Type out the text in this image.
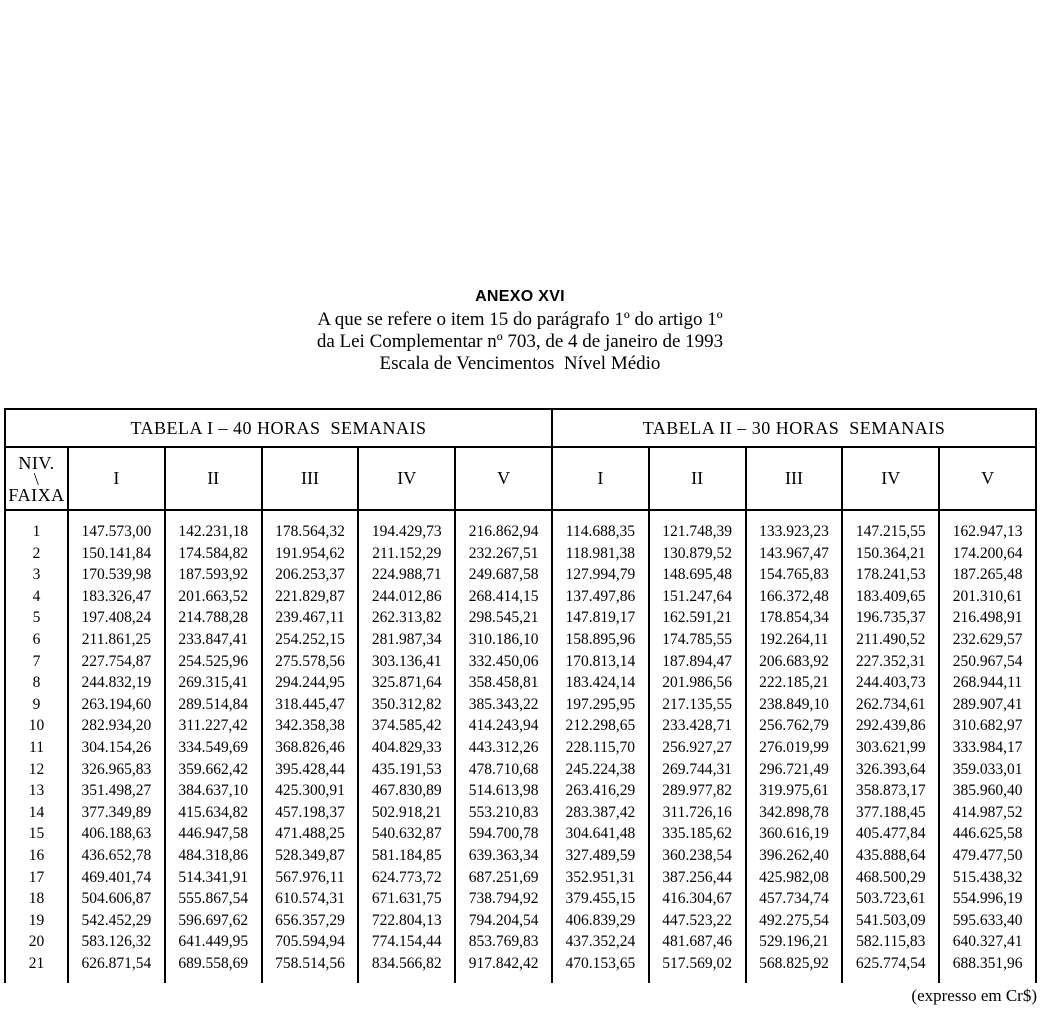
ANEXO XVI
A que se refere o item 15 do parágrafo 1º do artigo 1º
da Lei Complementar nº 703, de 4 de janeiro de 1993
Escala de Vencimentos  Nível Médio
TABELA I – 40 HORAS  SEMANAIS						TABELA II – 30 HORAS  SEMANAIS				

NIV.
\
FAIXA	I	II	III	IV	V	I	II	III	IV	V
1	147.573,00	142.231,18	178.564,32	194.429,73	216.862,94	114.688,35	121.748,39	133.923,23	147.215,55	162.947,13
2	150.141,84	174.584,82	191.954,62	211.152,29	232.267,51	118.981,38	130.879,52	143.967,47	150.364,21	174.200,64
3	170.539,98	187.593,92	206.253,37	224.988,71	249.687,58	127.994,79	148.695,48	154.765,83	178.241,53	187.265,48
4	183.326,47	201.663,52	221.829,87	244.012,86	268.414,15	137.497,86	151.247,64	166.372,48	183.409,65	201.310,61
5	197.408,24	214.788,28	239.467,11	262.313,82	298.545,21	147.819,17	162.591,21	178.854,34	196.735,37	216.498,91
6	211.861,25	233.847,41	254.252,15	281.987,34	310.186,10	158.895,96	174.785,55	192.264,11	211.490,52	232.629,57
7	227.754,87	254.525,96	275.578,56	303.136,41	332.450,06	170.813,14	187.894,47	206.683,92	227.352,31	250.967,54
8	244.832,19	269.315,41	294.244,95	325.871,64	358.458,81	183.424,14	201.986,56	222.185,21	244.403,73	268.944,11
9	263.194,60	289.514,84	318.445,47	350.312,82	385.343,22	197.295,95	217.135,55	238.849,10	262.734,61	289.907,41
10	282.934,20	311.227,42	342.358,38	374.585,42	414.243,94	212.298,65	233.428,71	256.762,79	292.439,86	310.682,97
11	304.154,26	334.549,69	368.826,46	404.829,33	443.312,26	228.115,70	256.927,27	276.019,99	303.621,99	333.984,17
12	326.965,83	359.662,42	395.428,44	435.191,53	478.710,68	245.224,38	269.744,31	296.721,49	326.393,64	359.033,01
13	351.498,27	384.637,10	425.300,91	467.830,89	514.613,98	263.416,29	289.977,82	319.975,61	358.873,17	385.960,40
14	377.349,89	415.634,82	457.198,37	502.918,21	553.210,83	283.387,42	311.726,16	342.898,78	377.188,45	414.987,52
15	406.188,63	446.947,58	471.488,25	540.632,87	594.700,78	304.641,48	335.185,62	360.616,19	405.477,84	446.625,58
16	436.652,78	484.318,86	528.349,87	581.184,85	639.363,34	327.489,59	360.238,54	396.262,40	435.888,64	479.477,50
17	469.401,74	514.341,91	567.976,11	624.773,72	687.251,69	352.951,31	387.256,44	425.982,08	468.500,29	515.438,32
18	504.606,87	555.867,54	610.574,31	671.631,75	738.794,92	379.455,15	416.304,67	457.734,74	503.723,61	554.996,19
19	542.452,29	596.697,62	656.357,29	722.804,13	794.204,54	406.839,29	447.523,22	492.275,54	541.503,09	595.633,40
20	583.126,32	641.449,95	705.594,94	774.154,44	853.769,83	437.352,24	481.687,46	529.196,21	582.115,83	640.327,41
21	626.871,54	689.558,69	758.514,56	834.566,82	917.842,42	470.153,65	517.569,02	568.825,92	625.774,54	688.351,96
(expresso em Cr$)
